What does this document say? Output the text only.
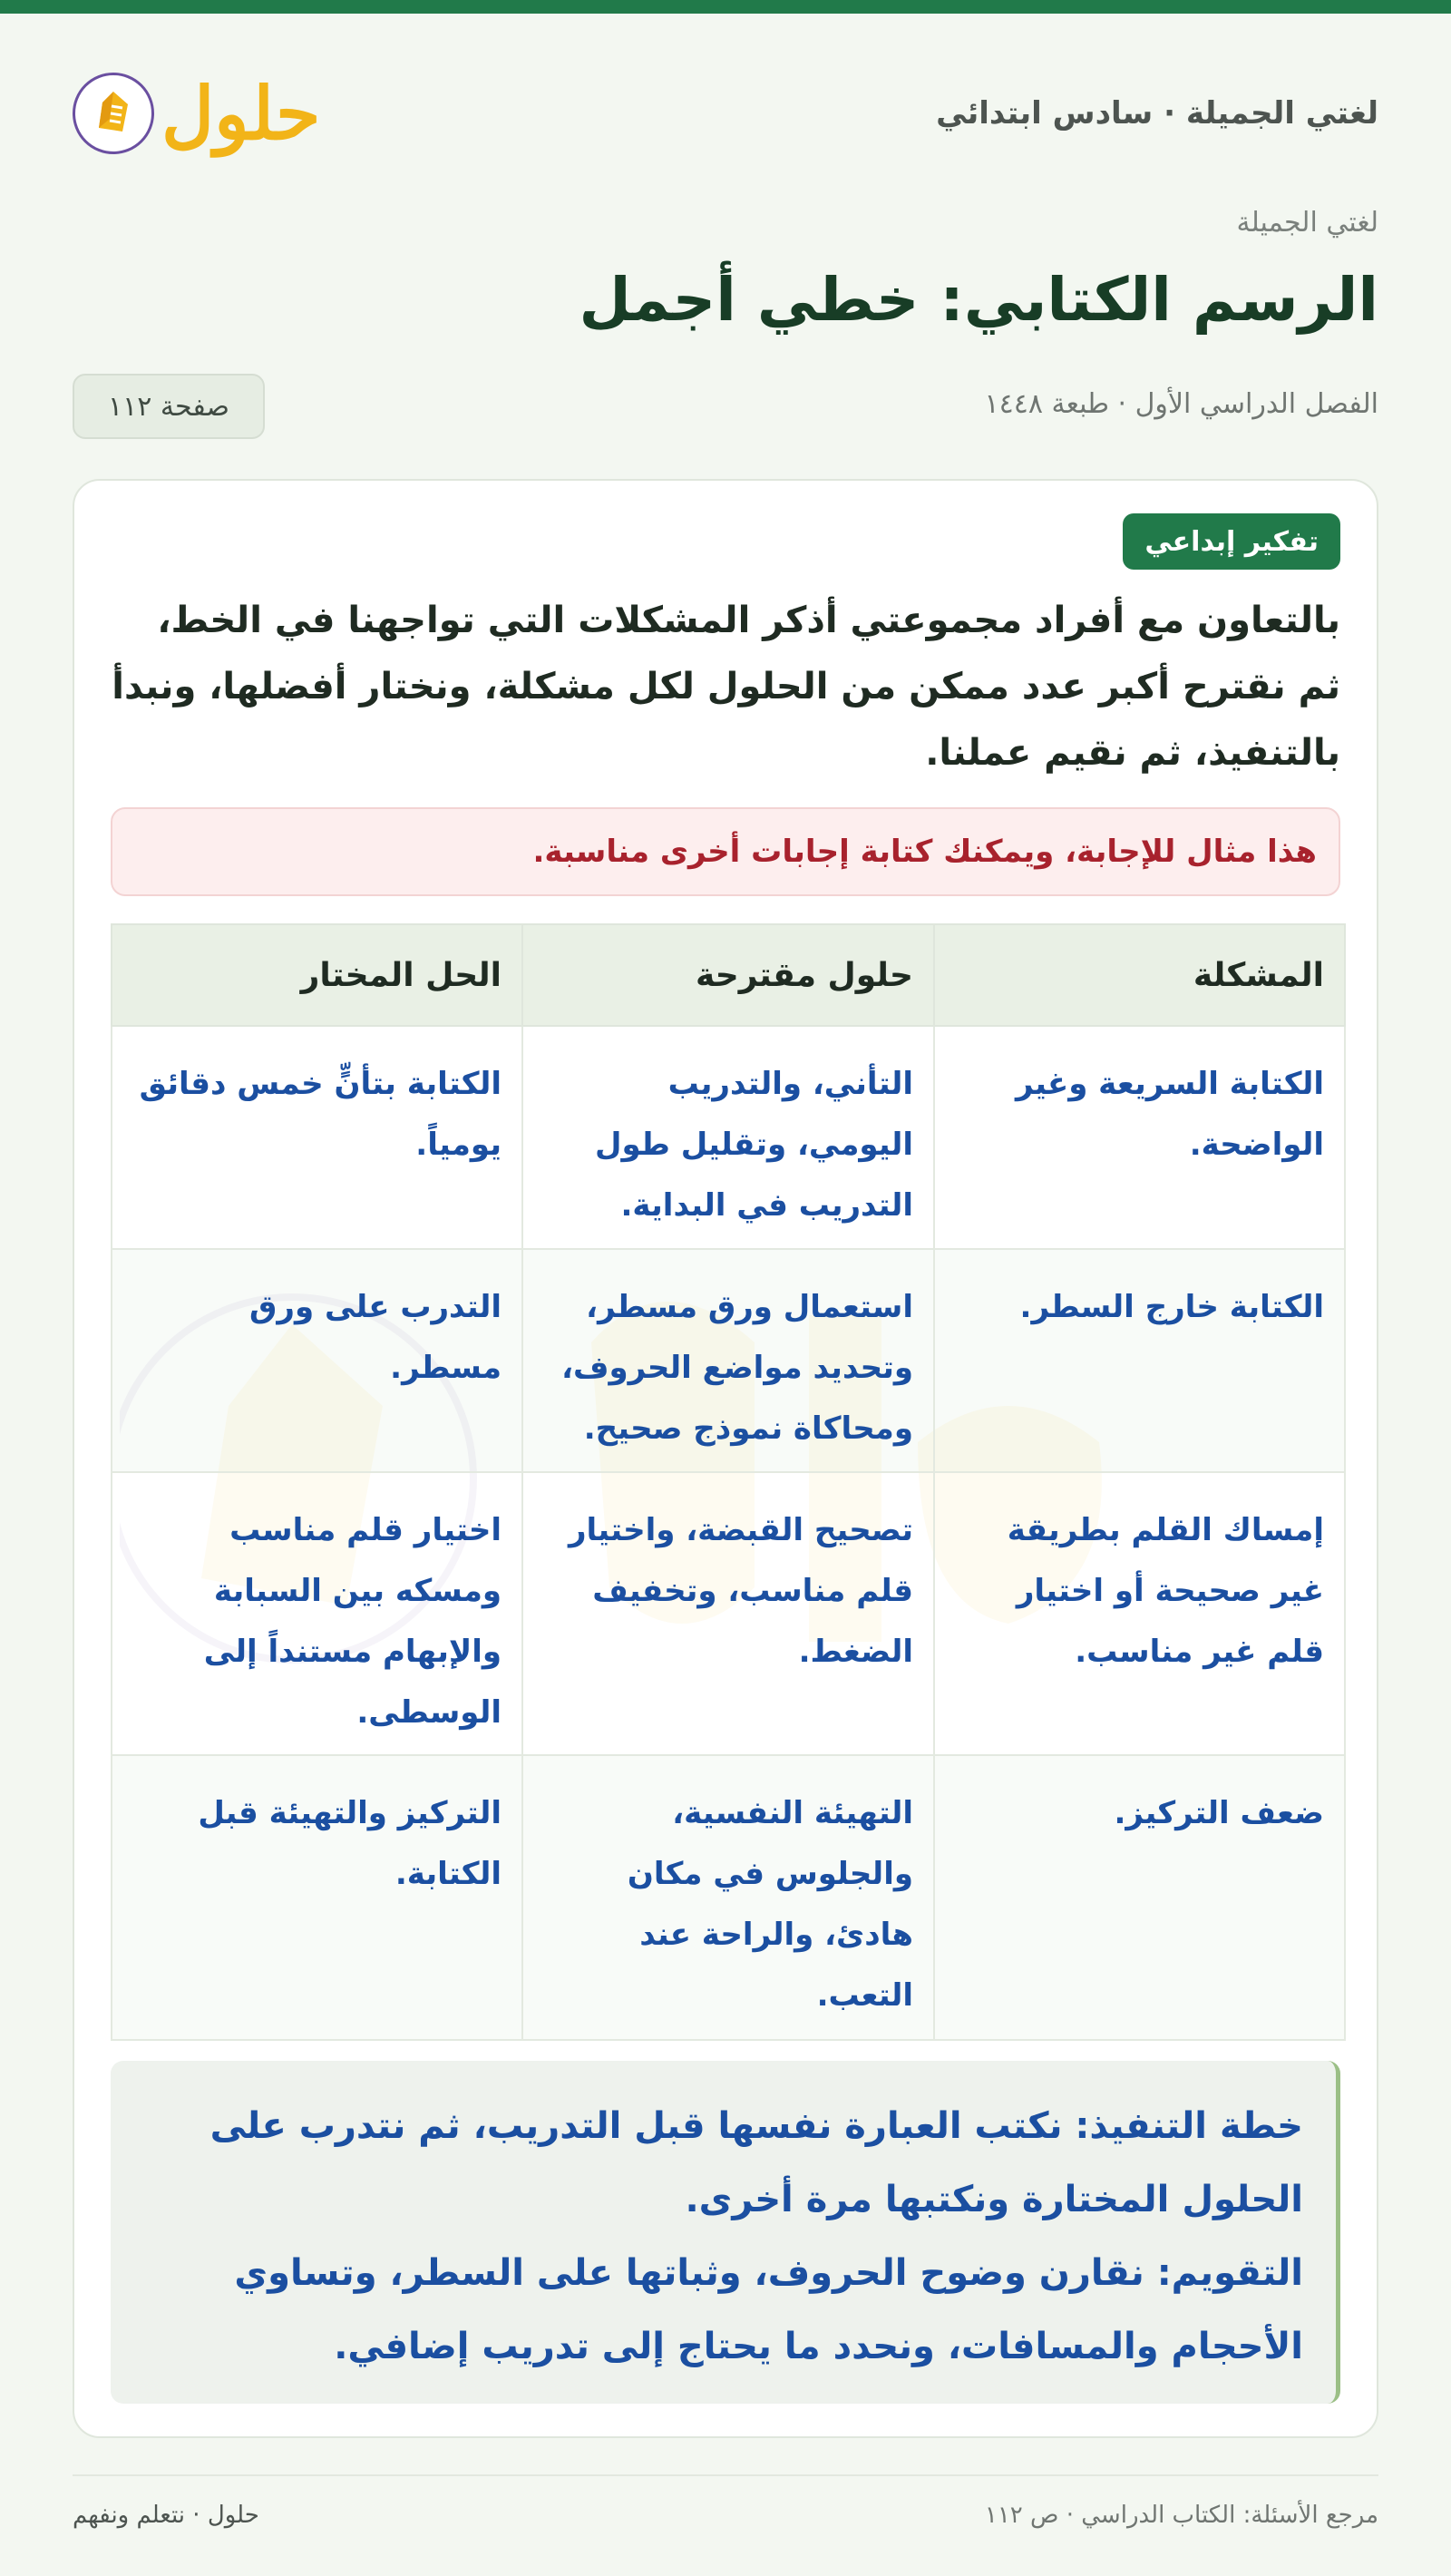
لغتي الجميلة · سادس ابتدائي
حلول
لغتي الجميلة
الرسم الكتابي: خطي أجمل
الفصل الدراسي الأول · طبعة ١٤٤٨
صفحة ١١٢
تفكير إبداعي

بالتعاون مع أفراد مجموعتي أذكر المشكلات التي تواجهنا في الخط، ثم نقترح أكبر عدد ممكن من الحلول لكل مشكلة، ونختار أفضلها، ونبدأ بالتنفيذ، ثم نقيم عملنا.

هذا مثال للإجابة، ويمكنك كتابة إجابات أخرى مناسبة.
المشكلة	حلول مقترحة	الحل المختار
الكتابة السريعة وغير الواضحة.	التأني، والتدريب اليومي، وتقليل طول التدريب في البداية.	الكتابة بتأنٍّ خمس دقائق يومياً.
الكتابة خارج السطر.	استعمال ورق مسطر، وتحديد مواضع الحروف، ومحاكاة نموذج صحيح.	التدرب على ورق مسطر.
إمساك القلم بطريقة غير صحيحة أو اختيار قلم غير مناسب.	تصحيح القبضة، واختيار قلم مناسب، وتخفيف الضغط.	اختيار قلم مناسب ومسكه بين السبابة والإبهام مستنداً إلى الوسطى.
ضعف التركيز.	التهيئة النفسية، والجلوس في مكان هادئ، والراحة عند التعب.	التركيز والتهيئة قبل الكتابة.

خطة التنفيذ: نكتب العبارة نفسها قبل التدريب، ثم نتدرب على الحلول المختارة ونكتبها مرة أخرى.

التقويم: نقارن وضوح الحروف، وثباتها على السطر، وتساوي الأحجام والمسافات، ونحدد ما يحتاج إلى تدريب إضافي.

مرجع الأسئلة: الكتاب الدراسي · ص ١١٢
حلول · نتعلم ونفهم
